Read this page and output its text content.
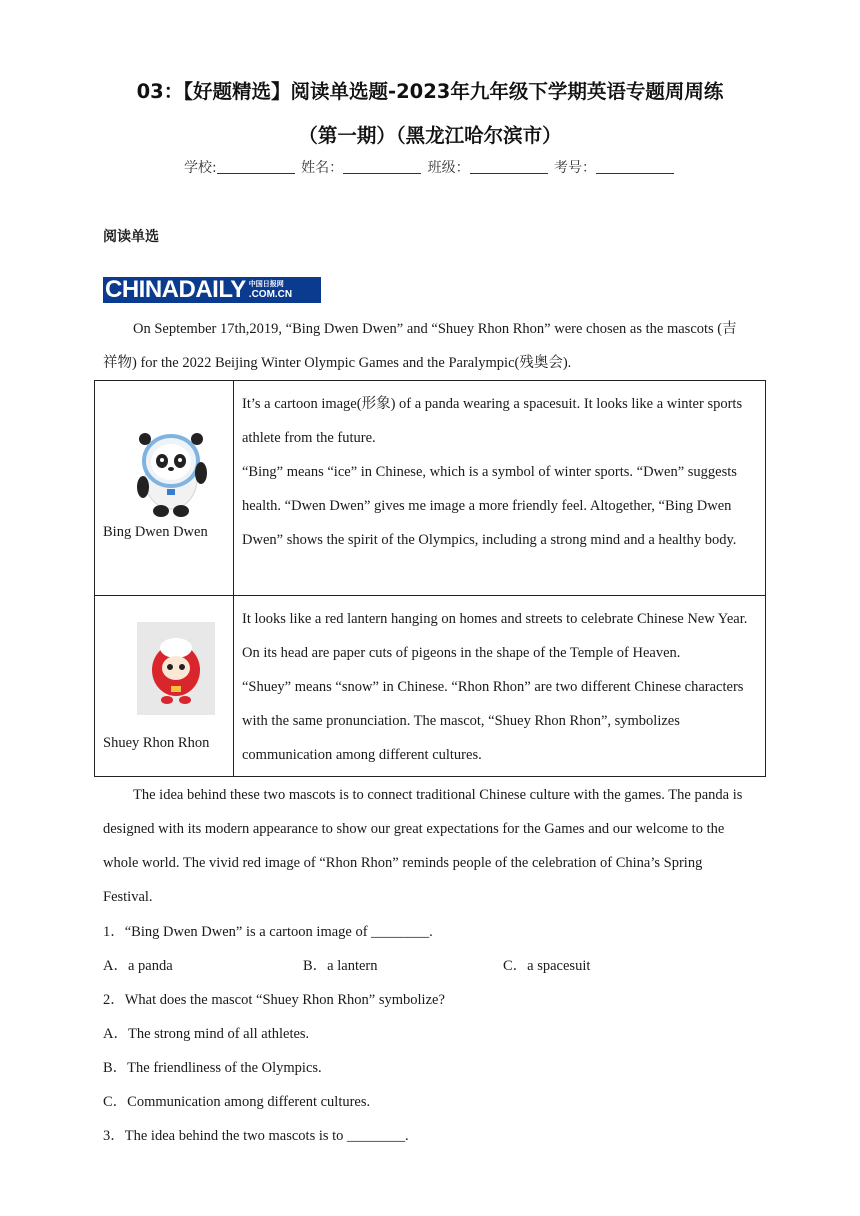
03：【好题精选】阅读单选题-2023年九年级下学期英语专题周周练
（第一期）（黑龙江哈尔滨市）
学校:	姓名：	班级：	考号：
阅读单选
CHINADAILY 中国日报网
.COM.CN
On September 17th,2019, “Bing Dwen Dwen” and “Shuey Rhon Rhon” were chosen as the mascots (吉祥物) for the 2022 Beijing Winter Olympic Games and the Paralympic(残奥会).
Bing Dwen Dwen	It’s a cartoon image(形象) of a panda wearing a spacesuit. It looks like a winter sports athlete from the future.
“Bing” means “ice” in Chinese, which is a symbol of winter sports. “Dwen” suggests health. “Dwen Dwen” gives me image a more friendly feel. Altogether, “Bing Dwen Dwen” shows the spirit of the Olympics, including a strong mind and a healthy body.

Shuey Rhon Rhon	It looks like a red lantern hanging on homes and streets to celebrate Chinese New Year. On its head are paper cuts of pigeons in the shape of the Temple of Heaven.
“Shuey” means “snow” in Chinese. “Rhon Rhon” are two different Chinese characters with the same pronunciation. The mascot, “Shuey Rhon Rhon”, symbolizes communication among different cultures.
The idea behind these two mascots is to connect traditional Chinese culture with the games. The panda is designed with its modern appearance to show our great expectations for the Games and our welcome to the whole world. The vivid red image of “Rhon Rhon” reminds people of the celebration of China’s Spring Festival.
1．“Bing Dwen Dwen” is a cartoon image of ________.
A．a panda	B．a lantern	C．a spacesuit
2．What does the mascot “Shuey Rhon Rhon” symbolize?
A．The strong mind of all athletes.
B．The friendliness of the Olympics.
C．Communication among different cultures.
3．The idea behind the two mascots is to ________.
